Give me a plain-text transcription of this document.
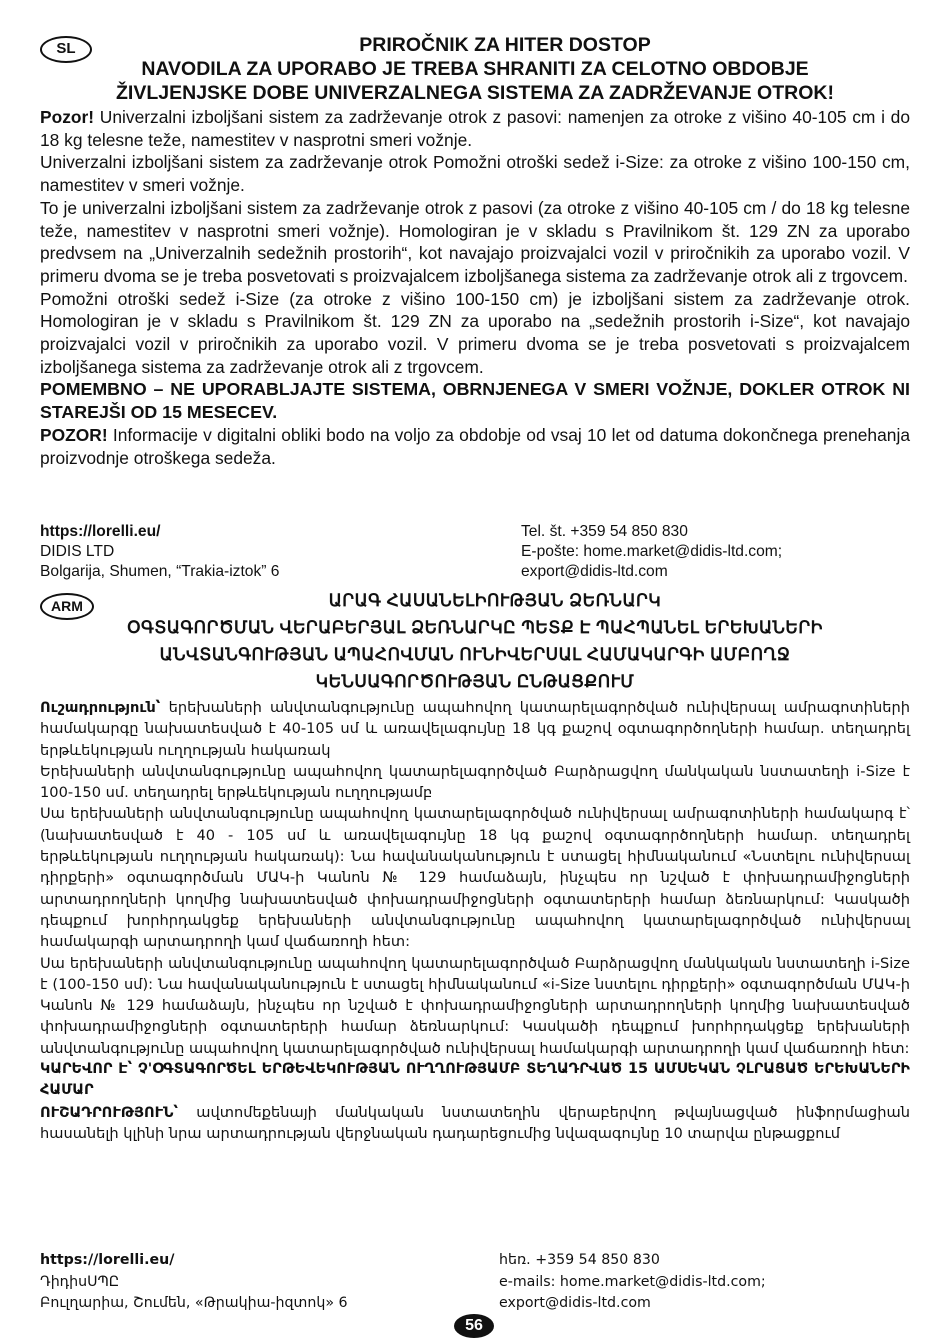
SL	PRIROČNIK ZA HITER DOSTOP
NAVODILA ZA UPORABO JE TREBA SHRANITI ZA CELOTNO OBDOBJE
ŽIVLJENJSKE DOBE UNIVERZALNEGA SISTEMA ZA ZADRŽEVANJE OTROK!

Pozor! Univerzalni izboljšani sistem za zadrževanje otrok z pasovi: namenjen za otroke z višino 40-105 cm i do 18 kg telesne teže, namestitev v nasprotni smeri vožnje.

Univerzalni izboljšani sistem za zadrževanje otrok Pomožni otroški sedež i-Size: za otroke z višino 100-150 cm, namestitev v smeri vožnje.

To je univerzalni izboljšani sistem za zadrževanje otrok z pasovi (za otroke z višino 40-105 cm / do 18 kg telesne teže, namestitev v nasprotni smeri vožnje). Homologiran je v skladu s Pravilnikom št. 129 ZN za uporabo predvsem na „Univerzalnih sedežnih prostorih“, kot navajajo proizvajalci vozil v priročnikih za uporabo vozil. V primeru dvoma se je treba posvetovati s proizvajalcem izboljšanega sistema za zadrževanje otrok ali z trgovcem.

Pomožni otroški sedež i-Size (za otroke z višino 100-150 cm) je izboljšani sistem za zadrževanje otrok. Homologiran je v skladu s Pravilnikom št. 129 ZN za uporabo na „sedežnih prostorih i-Size“, kot navajajo proizvajalci vozil v priročnikih za uporabo vozil. V primeru dvoma se je treba posvetovati s proizvajalcem izboljšanega sistema za zadrževanje otrok ali z trgovcem.

POMEMBNO – NE UPORABLJAJTE SISTEMA, OBRNJENEGA V SMERI VOŽNJE, DOKLER OTROK NI STAREJŠI OD 15 MESECEV.

POZOR! Informacije v digitalni obliki bodo na voljo za obdobje od vsaj 10 let od datuma dokončnega prenehanja proizvodnje otroškega sedeža.

https://lorelli.eu/
DIDIS LTD
Bolgarija, Shumen, “Trakia-iztok” 6
Tel. št. +359 54 850 830
E-pošte: home.market@didis-ltd.com;
export@didis-ltd.com
ARM	ԱՐԱԳ ՀԱՍԱՆԵԼԻՈՒԹՅԱՆ ՁԵՌՆԱՐԿ
ՕԳՏԱԳՈՐԾՄԱՆ ՎԵՐԱԲԵՐՅԱԼ ՁԵՌՆԱՐԿԸ ՊԵՏՔ Է ՊԱՀՊԱՆԵԼ ԵՐԵԽԱՆԵՐԻ
ԱՆՎՏԱՆԳՈՒԹՅԱՆ ԱՊԱՀՈՎՄԱՆ ՈՒՆԻՎԵՐՍԱԼ ՀԱՄԱԿԱՐԳԻ ԱՄԲՈՂՋ
ԿԵՆՍԱԳՈՐԾՈՒԹՅԱՆ ԸՆԹԱՑՔՈՒՄ

Ուշադրություն՝ երեխաների անվտանգությունը ապահովող կատարելագործված ունիվերսալ ամրագոտիների համակարգը նախատեսված է 40-105 սմ և առավելագույնը 18 կգ քաշով օգտագործողների համար. տեղադրել երթևեկության ուղղության հակառակ

Երեխաների անվտանգությունը ապահովող կատարելագործված Բարձրացվող մանկական նստատեղի i-Size է 100-150 սմ. տեղադրել երթևեկության ուղղությամբ

Սա երեխաների անվտանգությունը ապահովող կատարելագործված ունիվերսալ ամրագոտիների համակարգ է՝ (նախատեսված է 40 - 105 սմ և առավելագույնը 18 կգ քաշով օգտագործողների համար. տեղադրել երթևեկության ուղղության հակառակ): Նա հավանականություն է ստացել հիմնականում «Նստելու ունիվերսալ դիրքերի» օգտագործման ՄԱԿ-ի Կանոն № 129 համաձայն, ինչպես որ նշված է փոխադրամիջոցների արտադրողների կողմից նախատեսված փոխադրամիջոցների օգտատերերի համար ձեռնարկում: Կասկածի դեպքում խորհրդակցեք երեխաների անվտանգությունը ապահովող կատարելագործված ունիվերսալ համակարգի արտադրողի կամ վաճառողի հետ:

Սա երեխաների անվտանգությունը ապահովող կատարելագործված Բարձրացվող մանկական նստատեղի i-Size է (100-150 սմ): Նա հավանականություն է ստացել հիմնականում «i-Size նստելու դիրքերի» օգտագործման ՄԱԿ-ի Կանոն № 129 համաձայն, ինչպես որ նշված է փոխադրամիջոցների արտադրողների կողմից նախատեսված փոխադրամիջոցների օգտատերերի համար ձեռնարկում: Կասկածի դեպքում խորհրդակցեք երեխաների անվտանգությունը ապահովող կատարելագործված ունիվերսալ համակարգի արտադրողի կամ վաճառողի հետ:

ԿԱՐԵՎՈՐ Է՝ Չ'ՕԳՏԱԳՈՐԾԵԼ ԵՐԹԵՎԵԿՈՒԹՅԱՆ ՈՒՂՂՈՒԹՅԱՄԲ ՏԵՂԱԴՐՎԱԾ 15 ԱՄՍԵԿԱՆ ՉԼՐԱՑԱԾ ԵՐԵԽԱՆԵՐԻ ՀԱՄԱՐ

ՈՒՇԱԴՐՈՒԹՅՈՒՆ՝ ավտոմեքենայի մանկական նստատեղին վերաբերվող թվայնացված ինֆորմացիան հասանելի կլինի նրա արտադրության վերջնական դադարեցումից նվազագույնը 10 տարվա ընթացքում

https://lorelli.eu/
ԴիդիսՍՊԸ
Բուլղարիա, Շումեն, «Թրակիա-իզտոկ» 6
հեռ. +359 54 850 830
e-mails: home.market@didis-ltd.com;
export@didis-ltd.com
56
